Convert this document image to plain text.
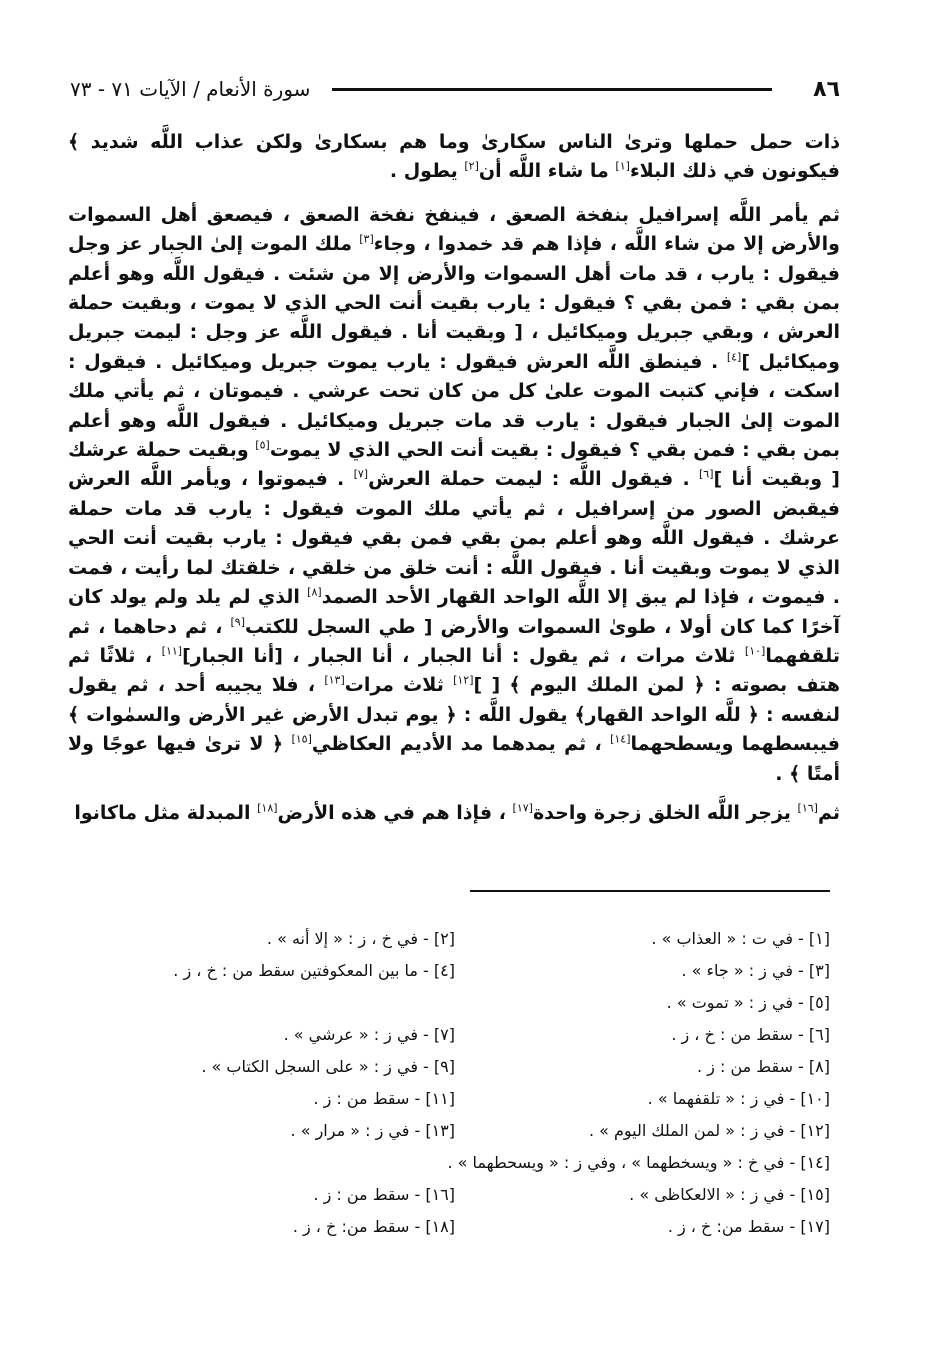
٨٦
سورة الأنعام / الآيات ٧١ - ٧٣

ذات حمل حملها وترىٰ الناس سكارىٰ وما هم بسكارىٰ ولكن عذاب اللَّه شديد ﴾ فيكونون في ذلك البلاء[١] ما شاء اللَّه أن[٢] يطول .

ثم يأمر اللَّه إسرافيل بنفخة الصعق ، فينفخ نفخة الصعق ، فيصعق أهل السموات والأرض إلا من شاء اللَّه ، فإذا هم قد خمدوا ، وجاء[٣] ملك الموت إلىٰ الجبار عز وجل فيقول : يارب ، قد مات أهل السموات والأرض إلا من شئت . فيقول اللَّه وهو أعلم بمن بقي : فمن بقي ؟ فيقول : يارب بقيت أنت الحي الذي لا يموت ، وبقيت حملة العرش ، وبقي جبريل وميكائيل ، [ وبقيت أنا . فيقول اللَّه عز وجل : ليمت جبريل وميكائيل ][٤] . فينطق اللَّه العرش فيقول : يارب يموت جبريل وميكائيل . فيقول : اسكت ، فإني كتبت الموت علىٰ كل من كان تحت عرشي . فيموتان ، ثم يأتي ملك الموت إلىٰ الجبار فيقول : يارب قد مات جبريل وميكائيل . فيقول اللَّه وهو أعلم بمن بقي : فمن بقي ؟ فيقول : بقيت أنت الحي الذي لا يموت[٥] وبقيت حملة عرشك [ وبقيت أنا ][٦] . فيقول اللَّه : ليمت حملة العرش[٧] . فيموتوا ، ويأمر اللَّه العرش فيقبض الصور من إسرافيل ، ثم يأتي ملك الموت فيقول : يارب قد مات حملة عرشك . فيقول اللَّه وهو أعلم بمن بقي فمن بقي فيقول : يارب بقيت أنت الحي الذي لا يموت وبقيت أنا . فيقول اللَّه : أنت خلق من خلقي ، خلقتك لما رأيت ، فمت . فيموت ، فإذا لم يبق إلا اللَّه الواحد القهار الأحد الصمد[٨] الذي لم يلد ولم يولد كان آخرًا كما كان أولا ، طوىٰ السموات والأرض [ طي السجل للكتب[٩] ، ثم دحاهما ، ثم تلقفهما[١٠] ثلاث مرات ، ثم يقول : أنا الجبار ، أنا الجبار ، [أنا الجبار][١١] ، ثلاثًا ثم هتف بصوته : ﴿ لمن الملك اليوم ﴾ [ ][١٢] ثلاث مرات[١٣] ، فلا يجيبه أحد ، ثم يقول لنفسه : ﴿ للَّه الواحد القهار﴾ يقول اللَّه : ﴿ يوم تبدل الأرض غير الأرض والسمٰوات ﴾ فيبسطهما ويسطحهما[١٤] ، ثم يمدهما مد الأديم العكاظي[١٥] ﴿ لا ترىٰ فيها عوجًا ولا أمتًا ﴾ .

ثم[١٦] يزجر اللَّه الخلق زجرة واحدة[١٧] ، فإذا هم في هذه الأرض[١٨] المبدلة مثل ماكانوا

[١] - في ت : « العذاب » .
[٢] - في خ ، ز : « إلا أنه » .
[٣] - في ز : « جاء » .
[٤] - ما بين المعكوفتين سقط من : خ ، ز .
[٥] - في ز : « تموت » .
[٦] - سقط من : خ ، ز .
[٧] - في ز : « عرشي » .
[٨] - سقط من : ز .
[٩] - في ز : « على السجل الكتاب » .
[١٠] - في ز : « تلقفهما » .
[١١] - سقط من : ز .
[١٢] - في ز : « لمن الملك اليوم » .
[١٣] - في ز : « مرار » .
[١٤] - في خ : « ويسخطهما » ، وفي ز : « ويسحطهما » .
[١٥] - في ز : « الالعكاظى » .
[١٦] - سقط من : ز .
[١٧] - سقط من: خ ، ز .
[١٨] - سقط من: خ ، ز .
